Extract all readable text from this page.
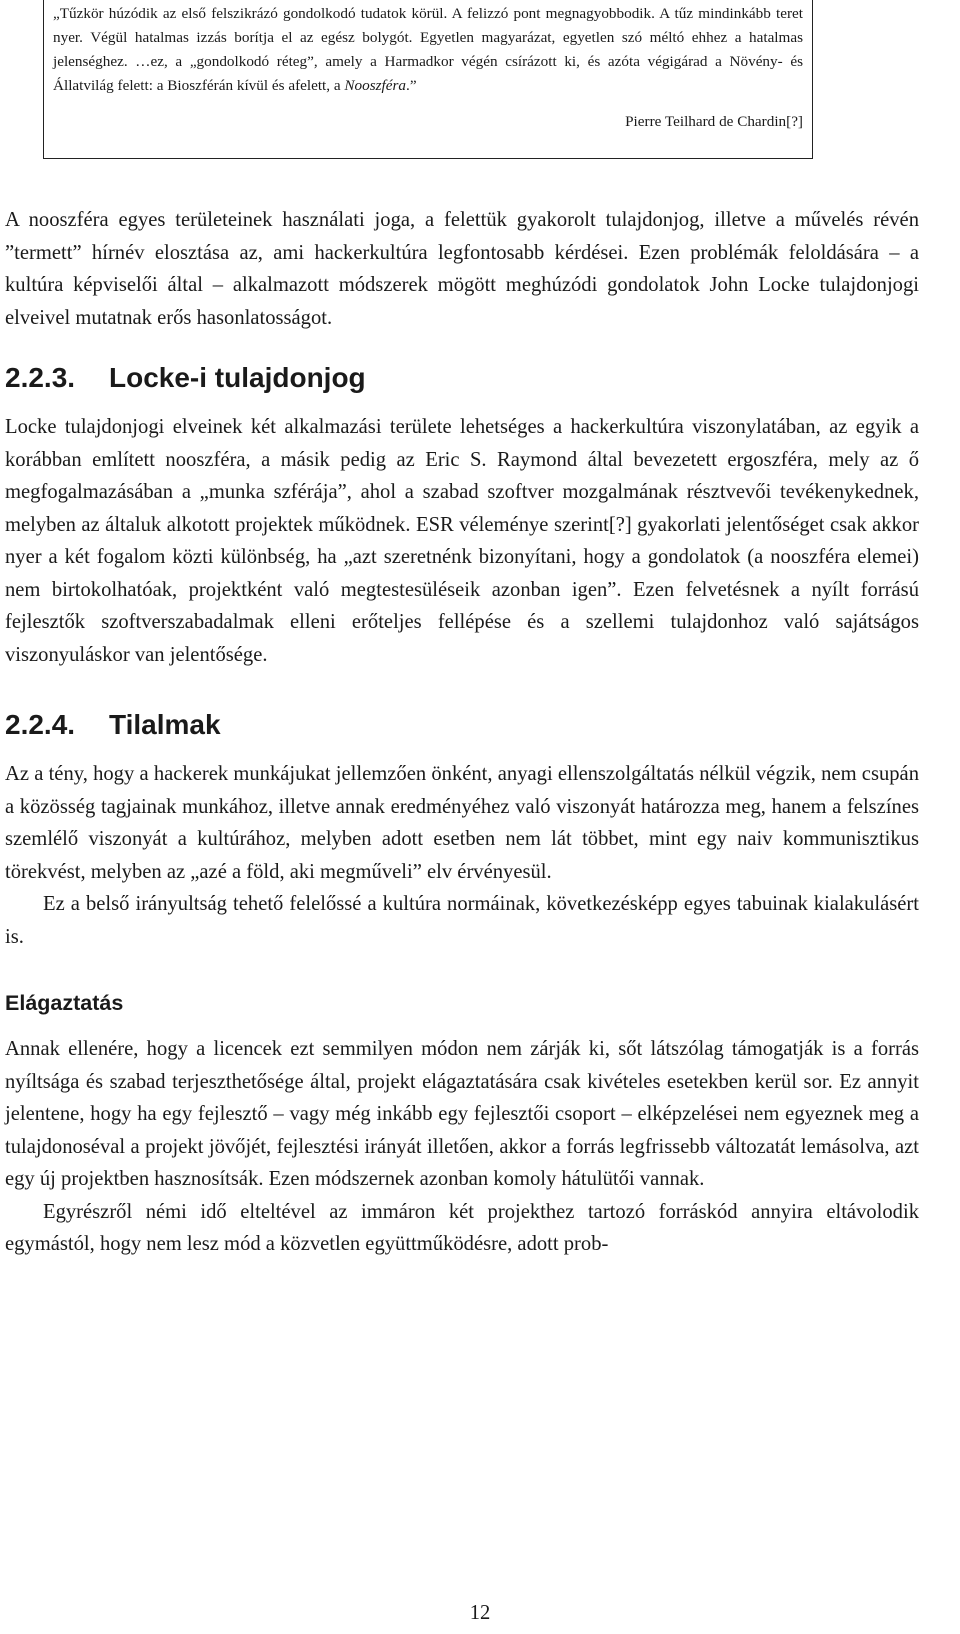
„Tűzkör húzódik az első felszikrázó gondolkodó tudatok körül. A felizzó pont megnagyobbodik. A tűz mindinkább teret nyer. Végül hatalmas izzás borítja el az egész bolygót. Egyetlen magyarázat, egyetlen szó méltó ehhez a hatalmas jelenséghez. …ez, a „gondolkodó réteg”, amely a Harmadkor végén csírázott ki, és azóta végigárad a Növény- és Állatvilág felett: a Bioszférán kívül és afelett, a Nooszféra.”

Pierre Teilhard de Chardin[?]

A nooszféra egyes területeinek használati joga, a felettük gyakorolt tulajdonjog, illetve a művelés révén ”termett” hírnév elosztása az, ami hackerkultúra legfontosabb kérdései. Ezen problémák feloldására – a kultúra képviselői által – alkalmazott módszerek mögött meghúzódi gondolatok John Locke tulajdonjogi elveivel mutatnak erős hasonlatosságot.

2.2.3. Locke-i tulajdonjog

Locke tulajdonjogi elveinek két alkalmazási területe lehetséges a hackerkultúra viszonylatában, az egyik a korábban említett nooszféra, a másik pedig az Eric S. Raymond által bevezetett ergoszféra, mely az ő megfogalmazásában a „munka szférája”, ahol a szabad szoftver mozgalmának résztvevői tevékenykednek, melyben az általuk alkotott projektek működnek. ESR véleménye szerint[?] gyakorlati jelentőséget csak akkor nyer a két fogalom közti különbség, ha „azt szeretnénk bizonyítani, hogy a gondolatok (a nooszféra elemei) nem birtokolhatóak, projektként való megtestesüléseik azonban igen”. Ezen felvetésnek a nyílt forrású fejlesztők szoftverszabadalmak elleni erőteljes fellépése és a szellemi tulajdonhoz való sajátságos viszonyuláskor van jelentősége.

2.2.4. Tilalmak

Az a tény, hogy a hackerek munkájukat jellemzően önként, anyagi ellenszolgáltatás nélkül végzik, nem csupán a közösség tagjainak munkához, illetve annak eredményéhez való viszonyát határozza meg, hanem a felszínes szemlélő viszonyát a kultúrához, melyben adott esetben nem lát többet, mint egy naiv kommunisztikus törekvést, melyben az „azé a föld, aki megműveli” elv érvényesül.

Ez a belső irányultság tehető felelőssé a kultúra normáinak, következésképp egyes tabuinak kialakulásért is.

Elágaztatás

Annak ellenére, hogy a licencek ezt semmilyen módon nem zárják ki, sőt látszólag támogatják is a forrás nyíltsága és szabad terjeszthetősége által, projekt elágaztatására csak kivételes esetekben kerül sor. Ez annyit jelentene, hogy ha egy fejlesztő – vagy még inkább egy fejlesztői csoport – elképzelései nem egyeznek meg a tulajdonoséval a projekt jövőjét, fejlesztési irányát illetően, akkor a forrás legfrissebb változatát lemásolva, azt egy új projektben hasznosítsák. Ezen módszernek azonban komoly hátulütői vannak.

Egyrészről némi idő elteltével az immáron két projekthez tartozó forráskód annyira eltávolodik egymástól, hogy nem lesz mód a közvetlen együttműködésre, adott prob-

12
